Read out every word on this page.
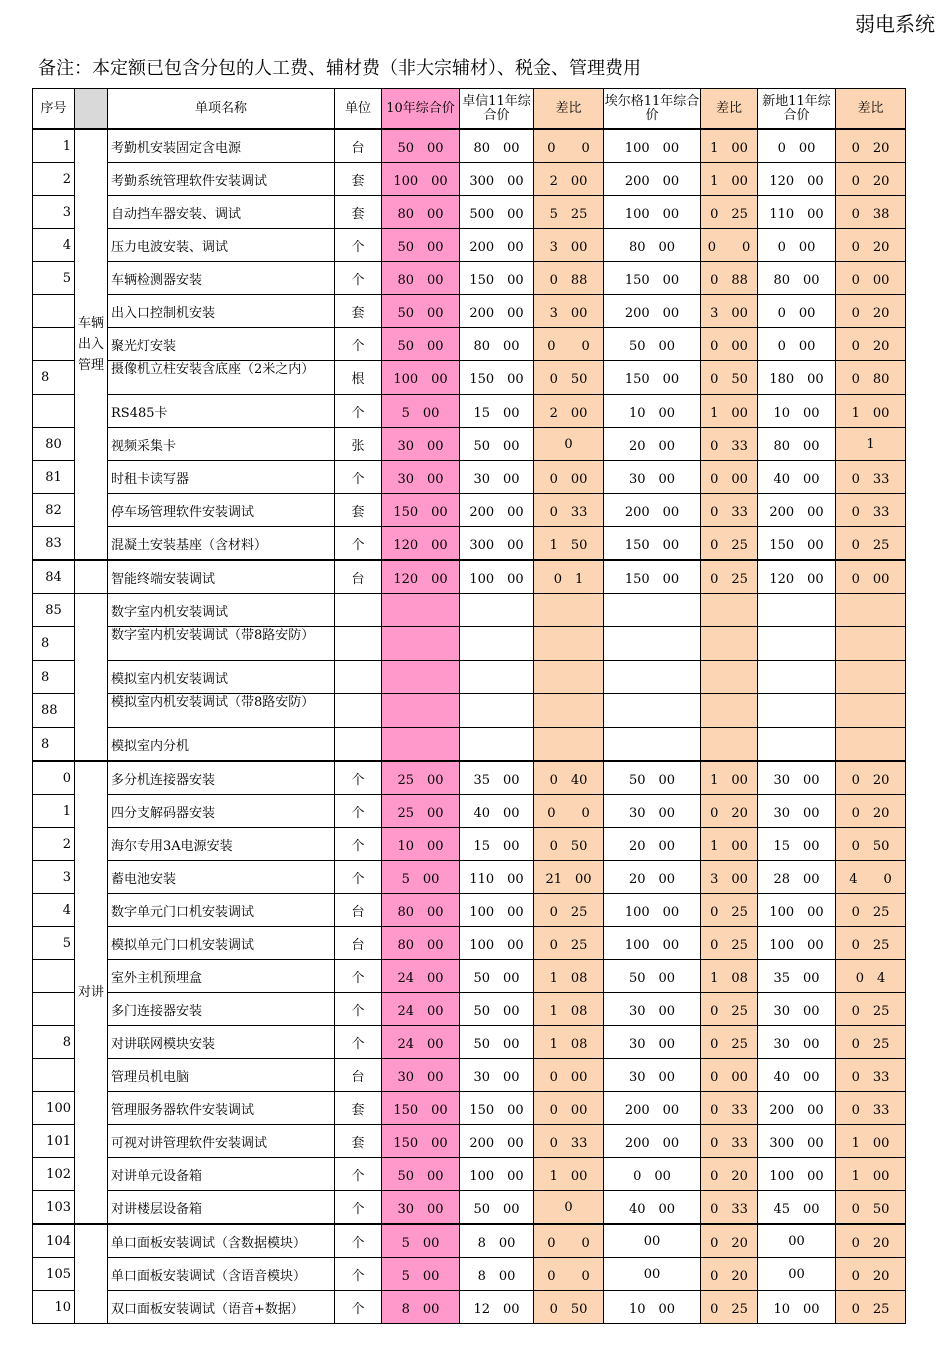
弱电系统
备注：本定额已包含分包的人工费、辅材费（非大宗辅材）、税金、管理费用
序号		单项名称	单位	10年综合价	卓信11年综合价	差比	埃尔格11年综合价	差比	新地11年综合价	差比
1	车辆出入管理	考勤机安装固定含电源	台	50　00	80　00	0　　0	100　00	1　00	0　00	0　20
2		考勤系统管理软件安装调试	套	100　00	300　00	2　00	200　00	1　00	120　00	0　20
3		自动挡车器安装、调试	套	80　00	500　00	5　25	100　00	0　25	110　00	0　38
4		压力电波安装、调试	个	50　00	200　00	3　00	80　00	0　　0	0　00	0　20
5		车辆检测器安装	个	80　00	150　00	0　88	150　00	0　88	80　00	0　00
		出入口控制机安装	套	50　00	200　00	3　00	200　00	3　00	0　00	0　20
		聚光灯安装	个	50　00	80　00	0　　0	50　00	0　00	0　00	0　20
8		摄像机立柱安装含底座（2米之内）	根	100　00	150　00	0　50	150　00	0　50	180　00	0　80
		RS485卡	个	5　00	15　00	2　00	10　00	1　00	10　00	1　00
80		视频采集卡	张	30　00	50　00	0	20　00	0　33	80　00	1
81		时租卡读写器	个	30　00	30　00	0　00	30　00	0　00	40　00	0　33
82		停车场管理软件安装调试	套	150　00	200　00	0　33	200　00	0　33	200　00	0　33
83		混凝土安装基座（含材料）	个	120　00	300　00	1　50	150　00	0　25	150　00	0　25
84		智能终端安装调试	台	120　00	100　00	0　1	150　00	0　25	120　00	0　00
85		数字室内机安装调试								
8		数字室内机安装调试（带8路安防）								
8		模拟室内机安装调试								
88		模拟室内机安装调试（带8路安防）								
8		模拟室内分机								
0	对讲	多分机连接器安装	个	25　00	35　00	0　40	50　00	1　00	30　00	0　20
1		四分支解码器安装	个	25　00	40　00	0　　0	30　00	0　20	30　00	0　20
2		海尔专用3A电源安装	个	10　00	15　00	0　50	20　00	1　00	15　00	0　50
3		蓄电池安装	个	5　00	110　00	21　00	20　00	3　00	28　00	4　　0
4		数字单元门口机安装调试	台	80　00	100　00	0　25	100　00	0　25	100　00	0　25
5		模拟单元门口机安装调试	台	80　00	100　00	0　25	100　00	0　25	100　00	0　25
		室外主机预埋盒	个	24　00	50　00	1　08	50　00	1　08	35　00	0　4
		多门连接器安装	个	24　00	50　00	1　08	30　00	0　25	30　00	0　25
8		对讲联网模块安装	个	24　00	50　00	1　08	30　00	0　25	30　00	0　25
		管理员机电脑	台	30　00	30　00	0　00	30　00	0　00	40　00	0　33
100		管理服务器软件安装调试	套	150　00	150　00	0　00	200　00	0　33	200　00	0　33
101		可视对讲管理软件安装调试	套	150　00	200　00	0　33	200　00	0　33	300　00	1　00
102		对讲单元设备箱	个	50　00	100　00	1　00	0　00	0　20	100　00	1　00
103		对讲楼层设备箱	个	30　00	50　00	0	40　00	0　33	45　00	0　50
104		单口面板安装调试（含数据模块）	个	5　00	8　00	0　　0	00	0　20	00	0　20
105		单口面板安装调试（含语音模块）	个	5　00	8　00	0　　0	00	0　20	00	0　20
10		双口面板安装调试（语音+数据）	个	8　00	12　00	0　50	10　00	0　25	10　00	0　25
